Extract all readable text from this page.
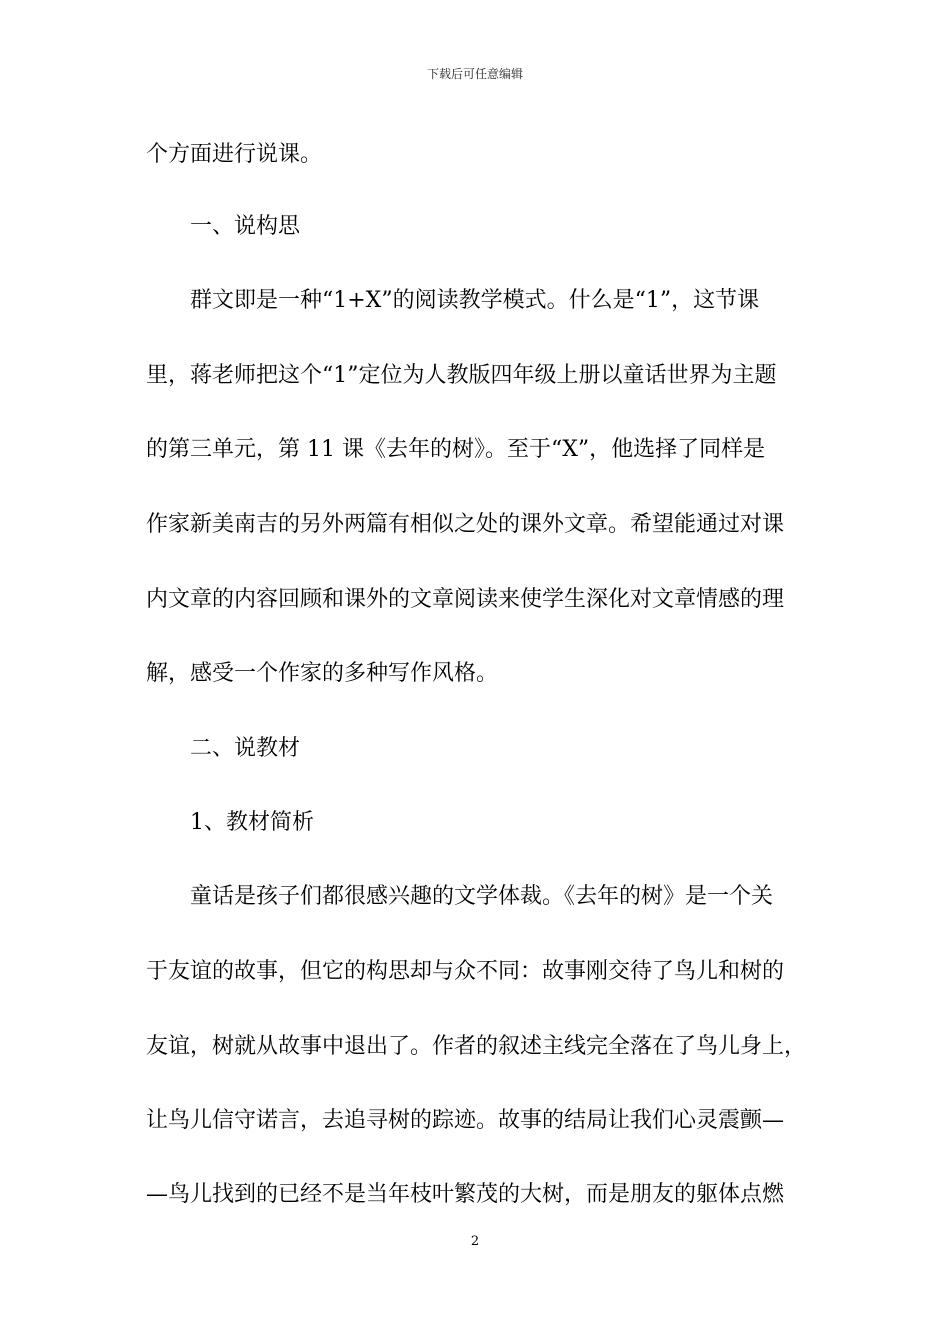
下载后可任意编辑
个方面进行说课。
一、说构思
群文即是一种“1+X”的阅读教学模式。什么是“1”，这节课
里，蒋老师把这个“1”定位为人教版四年级上册以童话世界为主题
的第三单元，第 11 课《去年的树》。至于“X”，他选择了同样是
作家新美南吉的另外两篇有相似之处的课外文章。希望能通过对课
内文章的内容回顾和课外的文章阅读来使学生深化对文章情感的理
解，感受一个作家的多种写作风格。
二、说教材
1、教材简析
童话是孩子们都很感兴趣的文学体裁。《去年的树》是一个关
于友谊的故事，但它的构思却与众不同：故事刚交待了鸟儿和树的
友谊，树就从故事中退出了。作者的叙述主线完全落在了鸟儿身上，
让鸟儿信守诺言，去追寻树的踪迹。故事的结局让我们心灵震颤—
—鸟儿找到的已经不是当年枝叶繁茂的大树，而是朋友的躯体点燃
2
